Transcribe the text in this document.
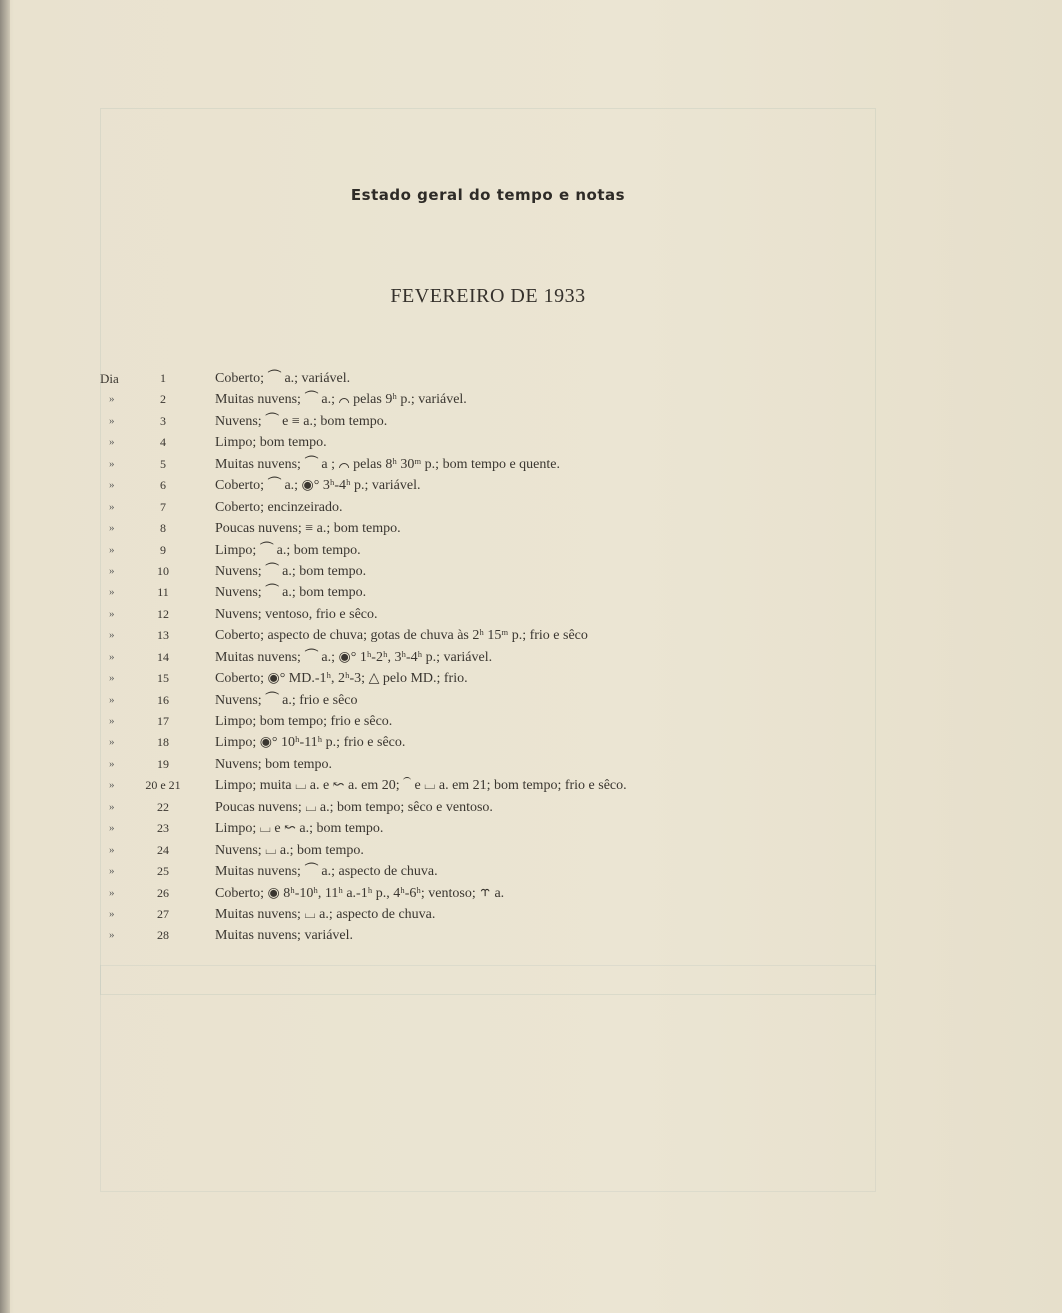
Estado geral do tempo e notas
FEVEREIRO DE 1933
Dia	1	Coberto; ⏜ a.; variável.
»	2	Muitas nuvens; ⏜ a.; ⌒ pelas 9ʰ p.; variável.
»	3	Nuvens; ⏜ e ≡ a.; bom tempo.
»	4	Limpo; bom tempo.
»	5	Muitas nuvens; ⏜ a ; ⌒ pelas 8ʰ 30ᵐ p.; bom tempo e quente.
»	6	Coberto; ⏜ a.; ◉° 3ʰ-4ʰ p.; variável.
»	7	Coberto; encinzeirado.
»	8	Poucas nuvens; ≡ a.; bom tempo.
»	9	Limpo; ⏜ a.; bom tempo.
»	10	Nuvens; ⏜ a.; bom tempo.
»	11	Nuvens; ⏜ a.; bom tempo.
»	12	Nuvens; ventoso, frio e sêco.
»	13	Coberto; aspecto de chuva; gotas de chuva às 2ʰ 15ᵐ p.; frio e sêco
»	14	Muitas nuvens; ⏜ a.; ◉° 1ʰ-2ʰ, 3ʰ-4ʰ p.; variável.
»	15	Coberto; ◉° MD.-1ʰ, 2ʰ-3; △ pelo MD.; frio.
»	16	Nuvens; ⏜ a.; frio e sêco
»	17	Limpo; bom tempo; frio e sêco.
»	18	Limpo; ◉° 10ʰ-11ʰ p.; frio e sêco.
»	19	Nuvens; bom tempo.
»	20 e 21	Limpo; muita ⌴ a. e ↜ a. em 20; ⏜ e ⌴ a. em 21; bom tempo; frio e sêco.
»	22	Poucas nuvens; ⌴ a.; bom tempo; sêco e ventoso.
»	23	Limpo; ⌴ e ↜ a.; bom tempo.
»	24	Nuvens; ⌴ a.; bom tempo.
»	25	Muitas nuvens; ⏜ a.; aspecto de chuva.
»	26	Coberto; ◉ 8ʰ-10ʰ, 11ʰ a.-1ʰ p., 4ʰ-6ʰ; ventoso; ⥾ a.
»	27	Muitas nuvens; ⌴ a.; aspecto de chuva.
»	28	Muitas nuvens; variável.
